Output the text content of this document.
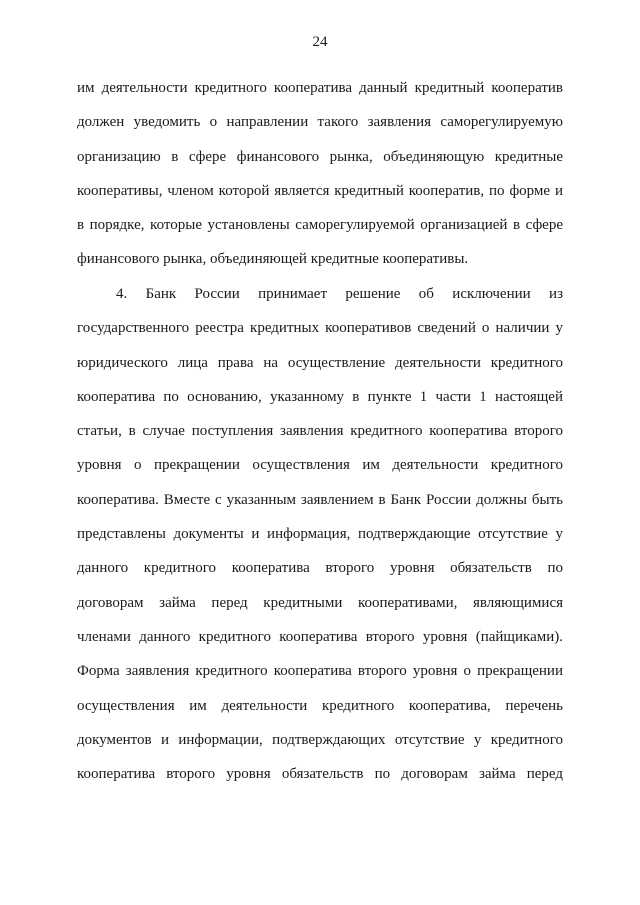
24
им деятельности кредитного кооператива данный кредитный кооператив
должен уведомить о направлении такого заявления саморегулируемую
организацию в сфере финансового рынка, объединяющую кредитные
кооперативы, членом которой является кредитный кооператив, по форме и
в порядке, которые установлены саморегулируемой организацией в сфере
финансового рынка, объединяющей кредитные кооперативы.
4. Банк России принимает решение об исключении из
государственного реестра кредитных кооперативов сведений о наличии у
юридического лица права на осуществление деятельности кредитного
кооператива по основанию, указанному в пункте 1 части 1 настоящей
статьи, в случае поступления заявления кредитного кооператива второго
уровня о прекращении осуществления им деятельности кредитного
кооператива. Вместе с указанным заявлением в Банк России должны быть
представлены документы и информация, подтверждающие отсутствие у
данного кредитного кооператива второго уровня обязательств по
договорам займа перед кредитными кооперативами, являющимися
членами данного кредитного кооператива второго уровня (пайщиками).
Форма заявления кредитного кооператива второго уровня о прекращении
осуществления им деятельности кредитного кооператива, перечень
документов и информации, подтверждающих отсутствие у кредитного
кооператива второго уровня обязательств по договорам займа перед
